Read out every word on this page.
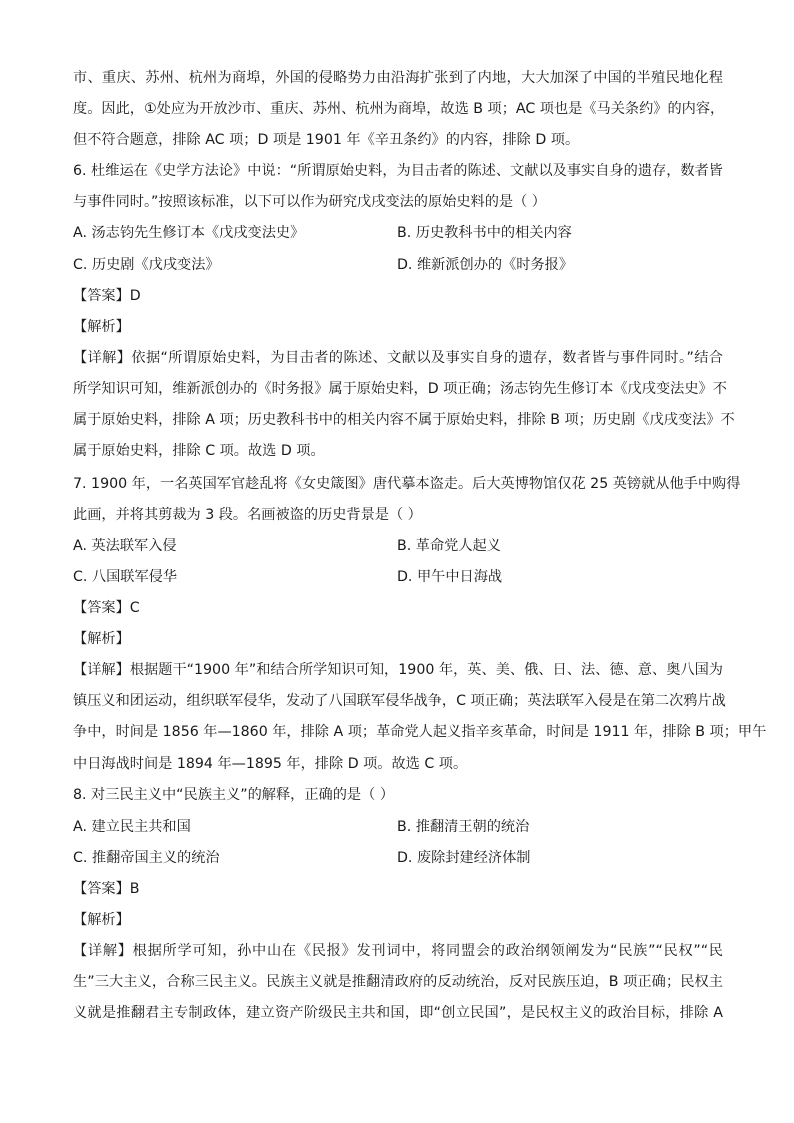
市、重庆、苏州、杭州为商埠，外国的侵略势力由沿海扩张到了内地，大大加深了中国的半殖民地化程
度。因此，①处应为开放沙市、重庆、苏州、杭州为商埠，故选 B 项；AC 项也是《马关条约》的内容，
但不符合题意，排除 AC 项；D 项是 1901 年《辛丑条约》的内容，排除 D 项。
6. 杜维运在《史学方法论》中说：“所谓原始史料，为目击者的陈述、文献以及事实自身的遗存，数者皆
与事件同时。”按照该标准，以下可以作为研究戊戌变法的原始史料的是（ ）
A. 汤志钧先生修订本《戊戌变法史》	B. 历史教科书中的相关内容
C. 历史剧《戊戌变法》	D. 维新派创办的《时务报》
【答案】D
【解析】
【详解】依据“所谓原始史料，为目击者的陈述、文献以及事实自身的遗存，数者皆与事件同时。”结合
所学知识可知，维新派创办的《时务报》属于原始史料，D 项正确；汤志钧先生修订本《戊戌变法史》不
属于原始史料，排除 A 项；历史教科书中的相关内容不属于原始史料，排除 B 项；历史剧《戊戌变法》不
属于原始史料，排除 C 项。故选 D 项。
7. 1900 年，一名英国军官趁乱将《女史箴图》唐代摹本盗走。后大英博物馆仅花 25 英镑就从他手中购得
此画，并将其剪裁为 3 段。名画被盗的历史背景是（ ）
A. 英法联军入侵	B. 革命党人起义
C. 八国联军侵华	D. 甲午中日海战
【答案】C
【解析】
【详解】根据题干“1900 年”和结合所学知识可知，1900 年，英、美、俄、日、法、德、意、奥八国为
镇压义和团运动，组织联军侵华，发动了八国联军侵华战争，C 项正确；英法联军入侵是在第二次鸦片战
争中，时间是 1856 年—1860 年，排除 A 项；革命党人起义指辛亥革命，时间是 1911 年，排除 B 项；甲午
中日海战时间是 1894 年—1895 年，排除 D 项。故选 C 项。
8. 对三民主义中“民族主义”的解释，正确的是（ ）
A. 建立民主共和国	B. 推翻清王朝的统治
C. 推翻帝国主义的统治	D. 废除封建经济体制
【答案】B
【解析】
【详解】根据所学可知，孙中山在《民报》发刊词中，将同盟会的政治纲领阐发为“民族”“民权”“民
生”三大主义，合称三民主义。民族主义就是推翻清政府的反动统治，反对民族压迫，B 项正确；民权主
义就是推翻君主专制政体，建立资产阶级民主共和国，即“创立民国”，是民权主义的政治目标，排除 A
